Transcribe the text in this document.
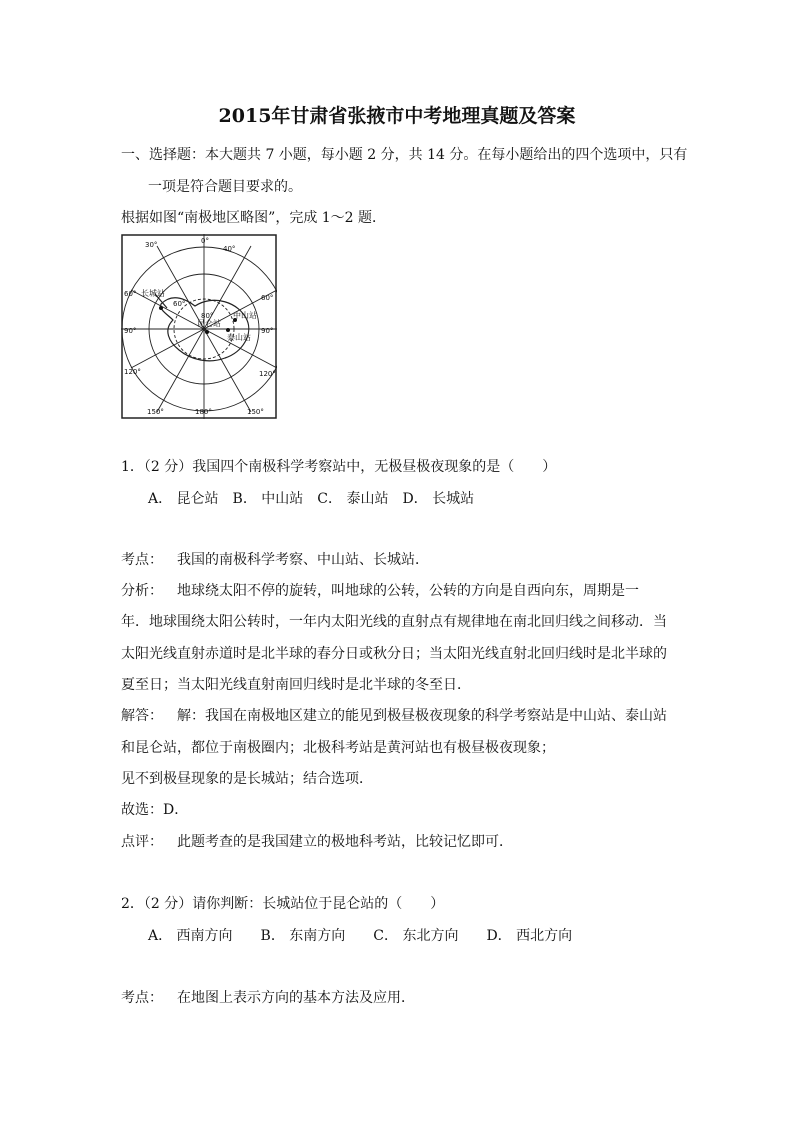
2015年甘肃省张掖市中考地理真题及答案
一、选择题：本大题共 7 小题，每小题 2 分，共 14 分。在每小题给出的四个选项中，只有
一项是符合题目要求的。
根据如图“南极地区略图”，完成 1～2 题．
0°
30°	40°
60°	60°
90°	90°
120°	120°
150°	180°	150°
80°
60°
长城站
昆仑站
中山站
泰山站
1．（2 分）我国四个南极科学考察站中，无极昼极夜现象的是（　　）
A． 昆仑站　B． 中山站　C． 泰山站　D． 长城站
考点： 我国的南极科学考察、中山站、长城站．
分析： 地球绕太阳不停的旋转，叫地球的公转，公转的方向是自西向东，周期是一
年．地球围绕太阳公转时，一年内太阳光线的直射点有规律地在南北回归线之间移动．当
太阳光线直射赤道时是北半球的春分日或秋分日；当太阳光线直射北回归线时是北半球的
夏至日；当太阳光线直射南回归线时是北半球的冬至日．
解答： 解：我国在南极地区建立的能见到极昼极夜现象的科学考察站是中山站、泰山站
和昆仑站，都位于南极圈内；北极科考站是黄河站也有极昼极夜现象；
见不到极昼现象的是长城站；结合选项．
故选：D．
点评： 此题考查的是我国建立的极地科考站，比较记忆即可．
2．（2 分）请你判断：长城站位于昆仑站的（　　）
A． 西南方向　　B． 东南方向　　C． 东北方向　　D． 西北方向
考点： 在地图上表示方向的基本方法及应用．
